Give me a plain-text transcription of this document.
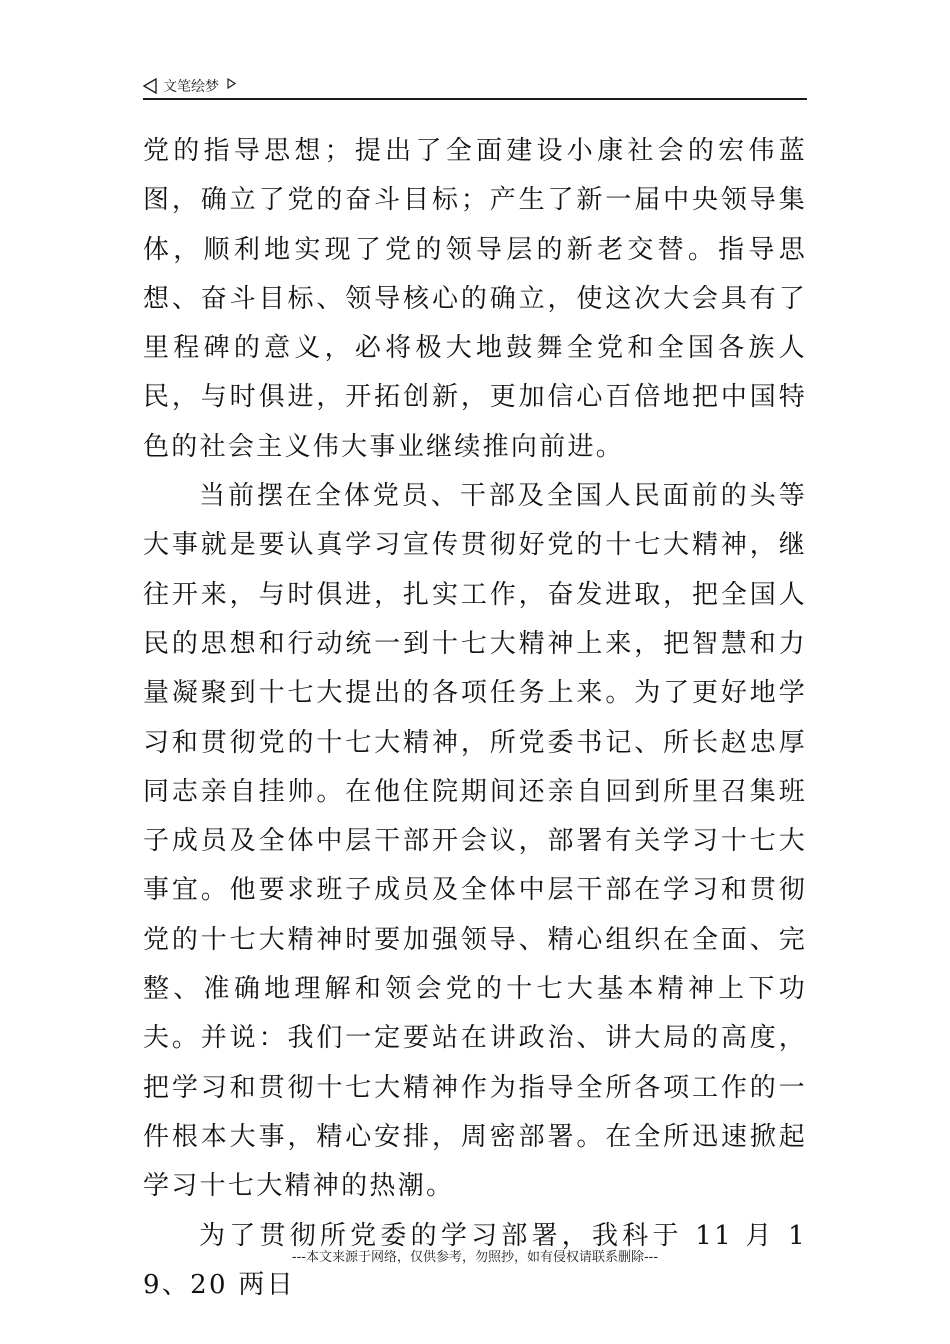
文笔绘梦

党的指导思想；提出了全面建设小康社会的宏伟蓝图，确立了党的奋斗目标；产生了新一届中央领导集体，顺利地实现了党的领导层的新老交替。指导思想、奋斗目标、领导核心的确立，使这次大会具有了里程碑的意义，必将极大地鼓舞全党和全国各族人民，与时俱进，开拓创新，更加信心百倍地把中国特色的社会主义伟大事业继续推向前进。

当前摆在全体党员、干部及全国人民面前的头等大事就是要认真学习宣传贯彻好党的十七大精神，继往开来，与时俱进，扎实工作，奋发进取，把全国人民的思想和行动统一到十七大精神上来，把智慧和力量凝聚到十七大提出的各项任务上来。为了更好地学习和贯彻党的十七大精神，所党委书记、所长赵忠厚同志亲自挂帅。在他住院期间还亲自回到所里召集班子成员及全体中层干部开会议，部署有关学习十七大事宜。他要求班子成员及全体中层干部在学习和贯彻党的十七大精神时要加强领导、精心组织在全面、完整、准确地理解和领会党的十七大基本精神上下功夫。并说：我们一定要站在讲政治、讲大局的高度，把学习和贯彻十七大精神作为指导全所各项工作的一件根本大事，精心安排，周密部署。在全所迅速掀起学习十七大精神的热潮。

为了贯彻所党委的学习部署，我科于 11 月 19、20 两日

---本文来源于网络，仅供参考，勿照抄，如有侵权请联系删除---
